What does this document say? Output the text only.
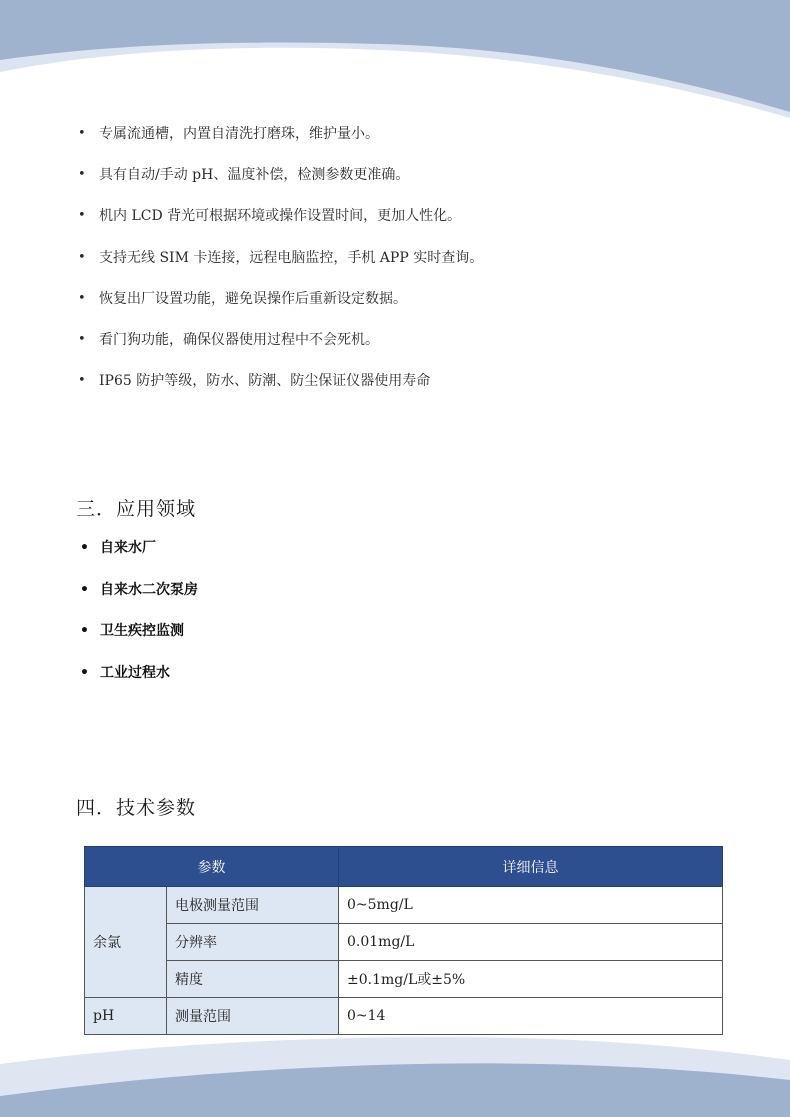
• 专属流通槽，内置自清洗打磨珠，维护量小。
• 具有自动/手动 pH、温度补偿，检测参数更准确。
• 机内 LCD 背光可根据环境或操作设置时间，更加人性化。
• 支持无线 SIM 卡连接，远程电脑监控，手机 APP 实时查询。
• 恢复出厂设置功能，避免误操作后重新设定数据。
• 看门狗功能，确保仪器使用过程中不会死机。
• IP65 防护等级，防水、防潮、防尘保证仪器使用寿命
三．应用领域
• 自来水厂
• 自来水二次泵房
• 卫生疾控监测
• 工业过程水
四．技术参数
参数		详细信息
余氯	电极测量范围	0~5mg/L
	分辨率	0.01mg/L
	精度	±0.1mg/L或±5%
pH	测量范围	0~14
